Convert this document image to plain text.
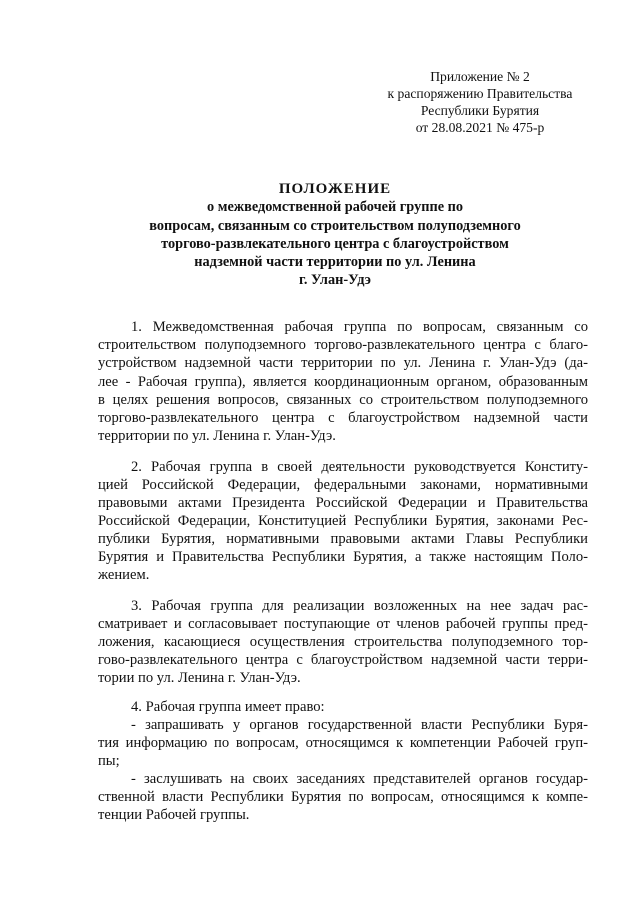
Приложение № 2
к распоряжению Правительства
Республики Бурятия
от 28.08.2021 № 475-р
ПОЛОЖЕНИЕ
о межведомственной рабочей группе по
вопросам, связанным со строительством полуподземного
торгово-развлекательного центра с благоустройством
надземной части территории по ул. Ленина
г. Улан-Удэ
1. Межведомственная рабочая группа по вопросам, связанным со
строительством полуподземного торгово-развлекательного центра с благо-
устройством надземной части территории по ул. Ленина г. Улан-Удэ (да-
лее - Рабочая группа), является координационным органом, образованным
в целях решения вопросов, связанных со строительством полуподземного
торгово-развлекательного центра с благоустройством надземной части
территории по ул. Ленина г. Улан-Удэ.
2. Рабочая группа в своей деятельности руководствуется Конститу-
цией Российской Федерации, федеральными законами, нормативными
правовыми актами Президента Российской Федерации и Правительства
Российской Федерации, Конституцией Республики Бурятия, законами Рес-
публики Бурятия, нормативными правовыми актами Главы Республики
Бурятия и Правительства Республики Бурятия, а также настоящим Поло-
жением.
3. Рабочая группа для реализации возложенных на нее задач рас-
сматривает и согласовывает поступающие от членов рабочей группы пред-
ложения, касающиеся осуществления строительства полуподземного тор-
гово-развлекательного центра с благоустройством надземной части терри-
тории по ул. Ленина г. Улан-Удэ.
4. Рабочая группа имеет право:
- запрашивать у органов государственной власти Республики Буря-
тия информацию по вопросам, относящимся к компетенции Рабочей груп-
пы;
- заслушивать на своих заседаниях представителей органов государ-
ственной власти Республики Бурятия по вопросам, относящимся к компе-
тенции Рабочей группы.
